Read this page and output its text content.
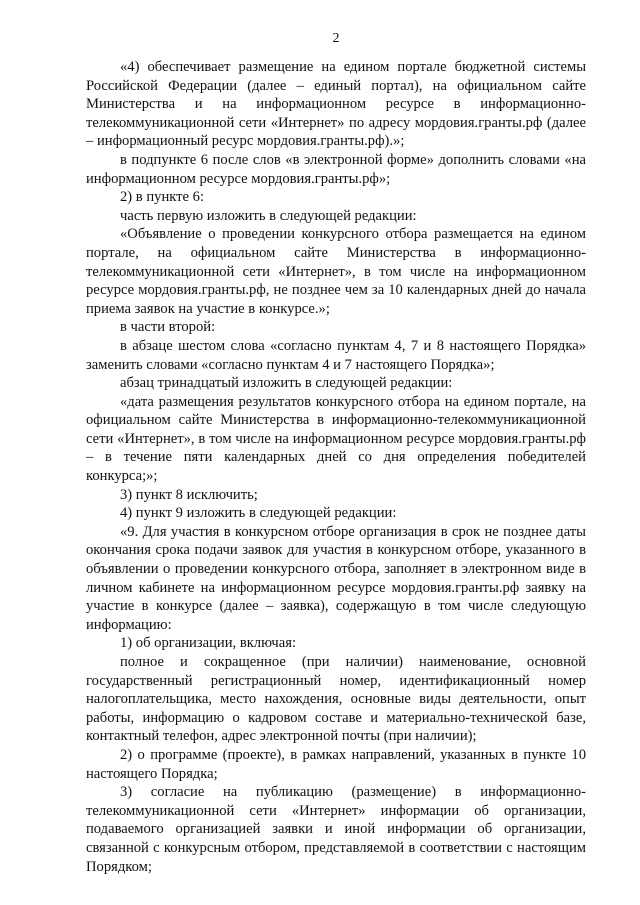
2

«4) обеспечивает размещение на едином портале бюджетной системы Российской Федерации (далее – единый портал), на официальном сайте Министерства и на информационном ресурсе в информационно-телекоммуникационной сети «Интернет» по адресу мордовия.гранты.рф (далее – информационный ресурс мордовия.гранты.рф).»;

в подпункте 6 после слов «в электронной форме» дополнить словами «на информационном ресурсе мордовия.гранты.рф»;

2) в пункте 6:

часть первую изложить в следующей редакции:

«Объявление о проведении конкурсного отбора размещается на едином портале, на официальном сайте Министерства в информационно-телекоммуникационной сети «Интернет», в том числе на информационном ресурсе мордовия.гранты.рф, не позднее чем за 10 календарных дней до начала приема заявок на участие в конкурсе.»;

в части второй:

в абзаце шестом слова «согласно пунктам 4, 7 и 8 настоящего Порядка» заменить словами «согласно пунктам 4 и 7 настоящего Порядка»;

абзац тринадцатый изложить в следующей редакции:

«дата размещения результатов конкурсного отбора на едином портале, на официальном сайте Министерства в информационно-телекоммуникационной сети «Интернет», в том числе на информационном ресурсе мордовия.гранты.рф – в течение пяти календарных дней со дня определения победителей конкурса;»;

3) пункт 8 исключить;

4) пункт 9 изложить в следующей редакции:

«9. Для участия в конкурсном отборе организация в срок не позднее даты окончания срока подачи заявок для участия в конкурсном отборе, указанного в объявлении о проведении конкурсного отбора, заполняет в электронном виде в личном кабинете на информационном ресурсе мордовия.гранты.рф заявку на участие в конкурсе (далее – заявка), содержащую в том числе следующую информацию:

1) об организации, включая:

полное и сокращенное (при наличии) наименование, основной государственный регистрационный номер, идентификационный номер налогоплательщика, место нахождения, основные виды деятельности, опыт работы, информацию о кадровом составе и материально-технической базе, контактный телефон, адрес электронной почты (при наличии);

2) о программе (проекте), в рамках направлений, указанных в пункте 10 настоящего Порядка;

3) согласие на публикацию (размещение) в информационно-телекоммуникационной сети «Интернет» информации об организации, подаваемого организацией заявки и иной информации об организации, связанной с конкурсным отбором, представляемой в соответствии с настоящим Порядком;
